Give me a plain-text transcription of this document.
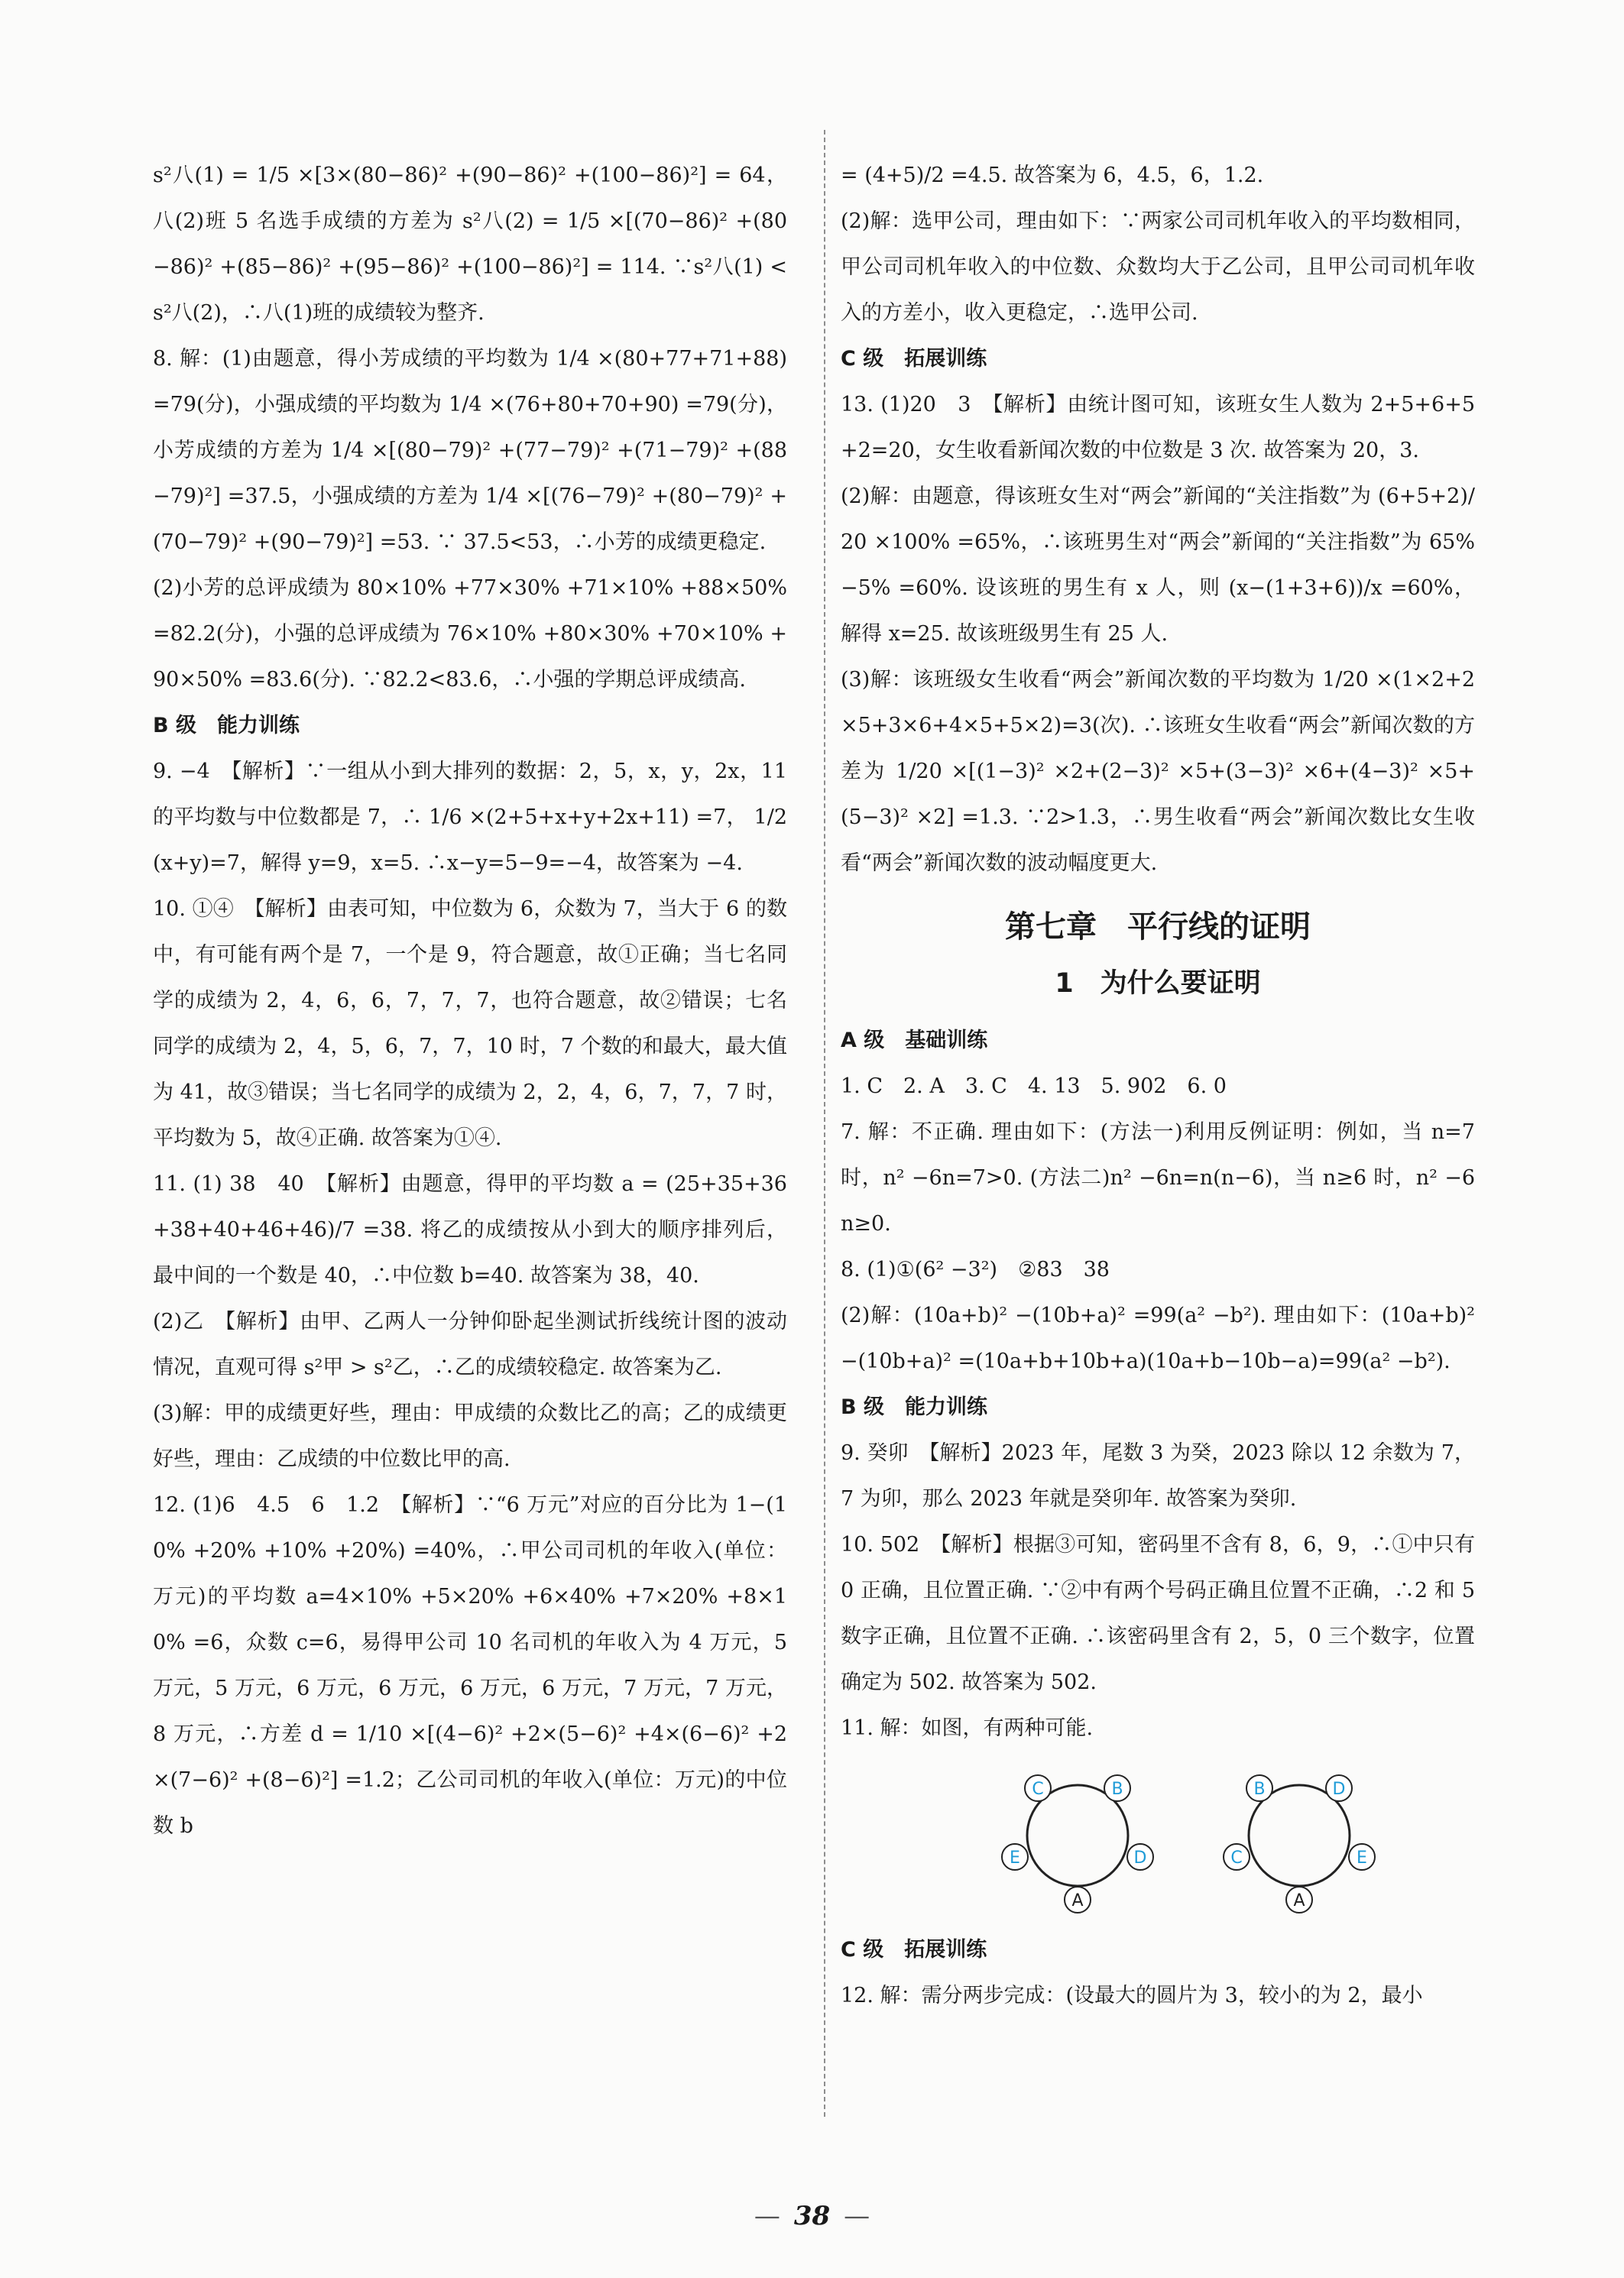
s²八(1) = 1/5 ×[3×(80−86)² +(90−86)² +(100−86)²] = 64，八(2)班 5 名选手成绩的方差为 s²八(2) = 1/5 ×[(70−86)² +(80−86)² +(85−86)² +(95−86)² +(100−86)²] = 114. ∵s²八(1) < s²八(2)，∴八(1)班的成绩较为整齐.

8. 解：(1)由题意，得小芳成绩的平均数为 1/4 ×(80+77+71+88)=79(分)，小强成绩的平均数为 1/4 ×(76+80+70+90) =79(分)，小芳成绩的方差为 1/4 ×[(80−79)² +(77−79)² +(71−79)² +(88−79)²] =37.5，小强成绩的方差为 1/4 ×[(76−79)² +(80−79)² +(70−79)² +(90−79)²] =53. ∵ 37.5<53，∴小芳的成绩更稳定.

(2)小芳的总评成绩为 80×10% +77×30% +71×10% +88×50% =82.2(分)，小强的总评成绩为 76×10% +80×30% +70×10% +90×50% =83.6(分). ∵82.2<83.6，∴小强的学期总评成绩高.

B 级　能力训练

9. −4　【解析】∵一组从小到大排列的数据：2，5，x，y，2x，11 的平均数与中位数都是 7，∴ 1/6 ×(2+5+x+y+2x+11) =7， 1/2 (x+y)=7，解得 y=9，x=5. ∴x−y=5−9=−4，故答案为 −4.

10. ①④　【解析】由表可知，中位数为 6，众数为 7，当大于 6 的数中，有可能有两个是 7，一个是 9，符合题意，故①正确；当七名同学的成绩为 2，4，6，6，7，7，7，也符合题意，故②错误；七名同学的成绩为 2，4，5，6，7，7，10 时，7 个数的和最大，最大值为 41，故③错误；当七名同学的成绩为 2，2，4，6，7，7，7 时，平均数为 5，故④正确. 故答案为①④.

11. (1) 38　40　【解析】由题意，得甲的平均数 a = (25+35+36+38+40+46+46)/7 =38. 将乙的成绩按从小到大的顺序排列后，最中间的一个数是 40，∴中位数 b=40. 故答案为 38，40.

(2)乙　【解析】由甲、乙两人一分钟仰卧起坐测试折线统计图的波动情况，直观可得 s²甲 > s²乙，∴乙的成绩较稳定. 故答案为乙.

(3)解：甲的成绩更好些，理由：甲成绩的众数比乙的高；乙的成绩更好些，理由：乙成绩的中位数比甲的高.

12. (1)6　4.5　6　1.2　【解析】∵“6 万元”对应的百分比为 1−(10% +20% +10% +20%) =40%，∴甲公司司机的年收入(单位：万元)的平均数 a=4×10% +5×20% +6×40% +7×20% +8×10% =6，众数 c=6，易得甲公司 10 名司机的年收入为 4 万元，5 万元，5 万元，6 万元，6 万元，6 万元，6 万元，7 万元，7 万元，8 万元，∴方差 d = 1/10 ×[(4−6)² +2×(5−6)² +4×(6−6)² +2×(7−6)² +(8−6)²] =1.2；乙公司司机的年收入(单位：万元)的中位数 b

= (4+5)/2 =4.5. 故答案为 6，4.5，6，1.2.

(2)解：选甲公司，理由如下：∵两家公司司机年收入的平均数相同，甲公司司机年收入的中位数、众数均大于乙公司，且甲公司司机年收入的方差小，收入更稳定，∴选甲公司.

C 级　拓展训练

13. (1)20　3　【解析】由统计图可知，该班女生人数为 2+5+6+5+2=20，女生收看新闻次数的中位数是 3 次. 故答案为 20，3.

(2)解：由题意，得该班女生对“两会”新闻的“关注指数”为 (6+5+2)/20 ×100% =65%，∴该班男生对“两会”新闻的“关注指数”为 65% −5% =60%. 设该班的男生有 x 人，则 (x−(1+3+6))/x =60%，解得 x=25. 故该班级男生有 25 人.

(3)解：该班级女生收看“两会”新闻次数的平均数为 1/20 ×(1×2+2×5+3×6+4×5+5×2)=3(次). ∴该班女生收看“两会”新闻次数的方差为 1/20 ×[(1−3)² ×2+(2−3)² ×5+(3−3)² ×6+(4−3)² ×5+(5−3)² ×2] =1.3. ∵2>1.3，∴男生收看“两会”新闻次数比女生收看“两会”新闻次数的波动幅度更大.

第七章　平行线的证明
1　为什么要证明

A 级　基础训练

1. C　2. A　3. C　4. 13　5. 902　6. 0

7. 解：不正确. 理由如下：(方法一)利用反例证明：例如，当 n=7 时，n² −6n=7>0. (方法二)n² −6n=n(n−6)，当 n≥6 时，n² −6n≥0.

8. (1)①(6² −3²)　②83　38

(2)解：(10a+b)² −(10b+a)² =99(a² −b²). 理由如下：(10a+b)² −(10b+a)² =(10a+b+10b+a)(10a+b−10b−a)=99(a² −b²).

B 级　能力训练

9. 癸卯　【解析】2023 年，尾数 3 为癸，2023 除以 12 余数为 7，7 为卯，那么 2023 年就是癸卯年. 故答案为癸卯.

10. 502　【解析】根据③可知，密码里不含有 8，6，9，∴①中只有 0 正确，且位置正确. ∵②中有两个号码正确且位置不正确，∴2 和 5 数字正确，且位置不正确. ∴该密码里含有 2，5，0 三个数字，位置确定为 502. 故答案为 502.

11. 解：如图，有两种可能.

C	B
E	D
A
B	D
C	E
A

C 级　拓展训练

12. 解：需分两步完成：(设最大的圆片为 3，较小的为 2，最小

— 38 —
